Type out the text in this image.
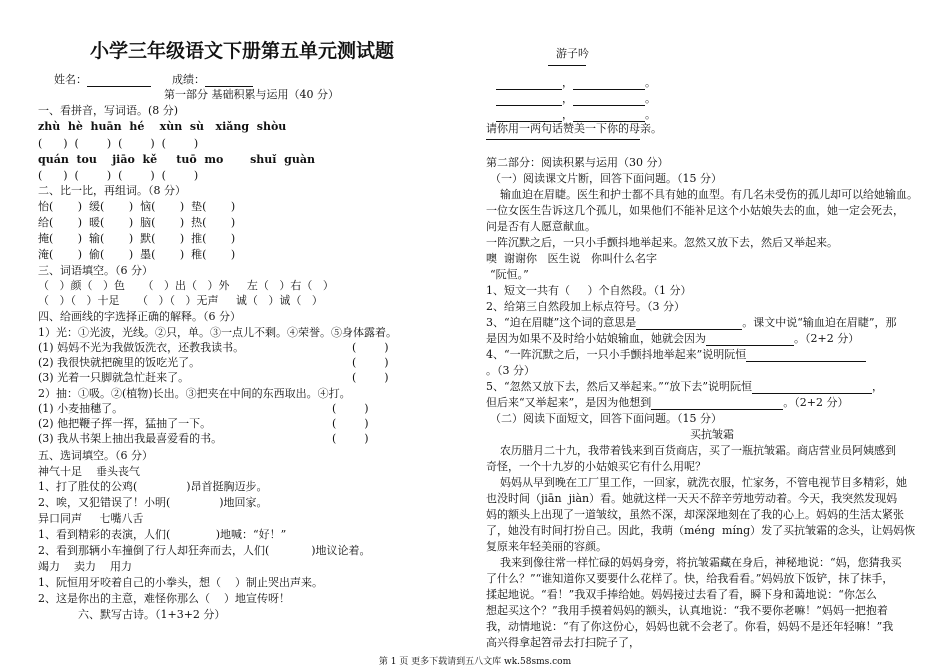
小学三年级语文下册第五单元测试题
姓名：	成绩：
第一部分 基础积累与运用（40 分）
一、看拼音，写词语。(8 分)
zhù  hè  huān  hé    xùn  sù   xiǎng  shòu
(      )  (        )  (        )  (        )
quán  tou    jiāo  kě     tuō  mo       shuǐ  guàn
(      )  (        )  (        )  (        )
二、比一比，再组词。（8 分）
怡(       )  缓(       )  恼(       )  垫(       )
给(       )  暖(       )  脑(       )  热(       )
掩(       )  输(       )  默(       )  推(       )
淹(       )  偷(       )  墨(       )  稚(       )
三、词语填空。（6 分）
（   ）颜（   ）色     （   ）出（   ）外     左（   ）右（   ）
（   ）（   ）十足     （   ）（   ）无声     诚（   ）诚（   ）
四、给画线的字选择正确的解释。（6 分）
1）光：①光波，光线。②只，单。③一点儿不剩。④荣誉。⑤身体露着。
(1) 妈妈不光为我做饭洗衣，还教我读书。	(        )
(2) 我很快就把碗里的饭吃光了。	(        )
(3) 光着一只脚就急忙赶来了。	(        )
2）抽：①吸。②(植物)长出。③把夹在中间的东西取出。④打。
(1) 小麦抽穗了。	(        )
(2) 他把鞭子挥一挥，猛抽了一下。	(        )
(3) 我从书架上抽出我最喜爱看的书。	(        )
五、选词填空。（6 分）
神气十足    垂头丧气
1、打了胜仗的公鸡(              )昂首挺胸迈步。
2、唉，又犯错误了！小明(              )地回家。
异口同声     七嘴八舌
1、看到精彩的表演，人们(             )地喊：“好！”
2、看到那辆小车撞倒了行人却狂奔而去，人们(            )地议论着。
竭力    卖力    用力
1、阮恒用牙咬着自己的小拳头，想（    ）制止哭出声来。
2、这是你出的主意，难怪你那么（    ）地宣传呀！
六、默写古诗。（1+3+2 分）
游子吟
，	。
，	。
，	。
请你用一两句话赞美一下你的母亲。
第二部分：阅读积累与运用（30 分）
（一）阅读课文片断，回答下面问题。（15 分）
输血迫在眉睫。医生和护士都不具有她的血型。有几名未受伤的孤儿却可以给她输血。
一位女医生告诉这几个孤儿，如果他们不能补足这个小姑娘失去的血，她一定会死去，
问是否有人愿意献血。
一阵沉默之后，一只小手颤抖地举起来。忽然又放下去，然后又举起来。
噢  谢谢你   医生说   你叫什么名字
“阮恒。”
1、短文一共有（     ）个自然段。（1 分）
2、给第三自然段加上标点符号。（3 分）
3、“迫在眉睫”这个词的意思是	。课文中说“输血迫在眉睫”，那
是因为如果不及时给小姑娘输血，她就会因为	。（2+2 分）
4、“一阵沉默之后，一只小手颤抖地举起来”说明阮恒
。（3 分）
5、“忽然又放下去，然后又举起来。”“放下去”说明阮恒	，
但后来“又举起来”，是因为他想到	。（2+2 分）
（二）阅读下面短文，回答下面问题。（15 分）
买抗皱霜
农历腊月二十九，我带着钱来到百货商店，买了一瓶抗皱霜。商店营业员阿姨感到
奇怪，一个十九岁的小姑娘买它有什么用呢？
妈妈从早到晚在工厂里工作，一回家，就洗衣服，忙家务，不管电视节目多精彩，她
也没时间（jiān  jiàn）看。她就这样一天天不辞辛劳地劳动着。今天，我突然发现妈
妈的额头上出现了一道皱纹，虽然不深，却深深地刻在了我的心上。妈妈的生活太紧张
了，她没有时间打扮自己。因此，我萌（méng  míng）发了买抗皱霜的念头，让妈妈恢
复原来年轻美丽的容颜。
我来到像往常一样忙碌的妈妈身旁，将抗皱霜藏在身后，神秘地说：“妈，您猜我买
了什么？”“谁知道你又要要什么花样了。快，给我看看。”妈妈放下饭铲，抹了抹手，
揉起地说。“看！”我双手捧给她。妈妈接过去看了看，瞬下身和蔼地说：“你怎么
想起买这个？”我用手摸着妈妈的额头，认真地说：“我不要你老嘛！”妈妈一把抱着
我，动情地说：“有了你这份心，妈妈也就不会老了。你看，妈妈不是还年轻嘛！”我
高兴得拿起笤帚去打扫院子了，
第 1 页 更多下载请到五八文库 wk.58sms.com
